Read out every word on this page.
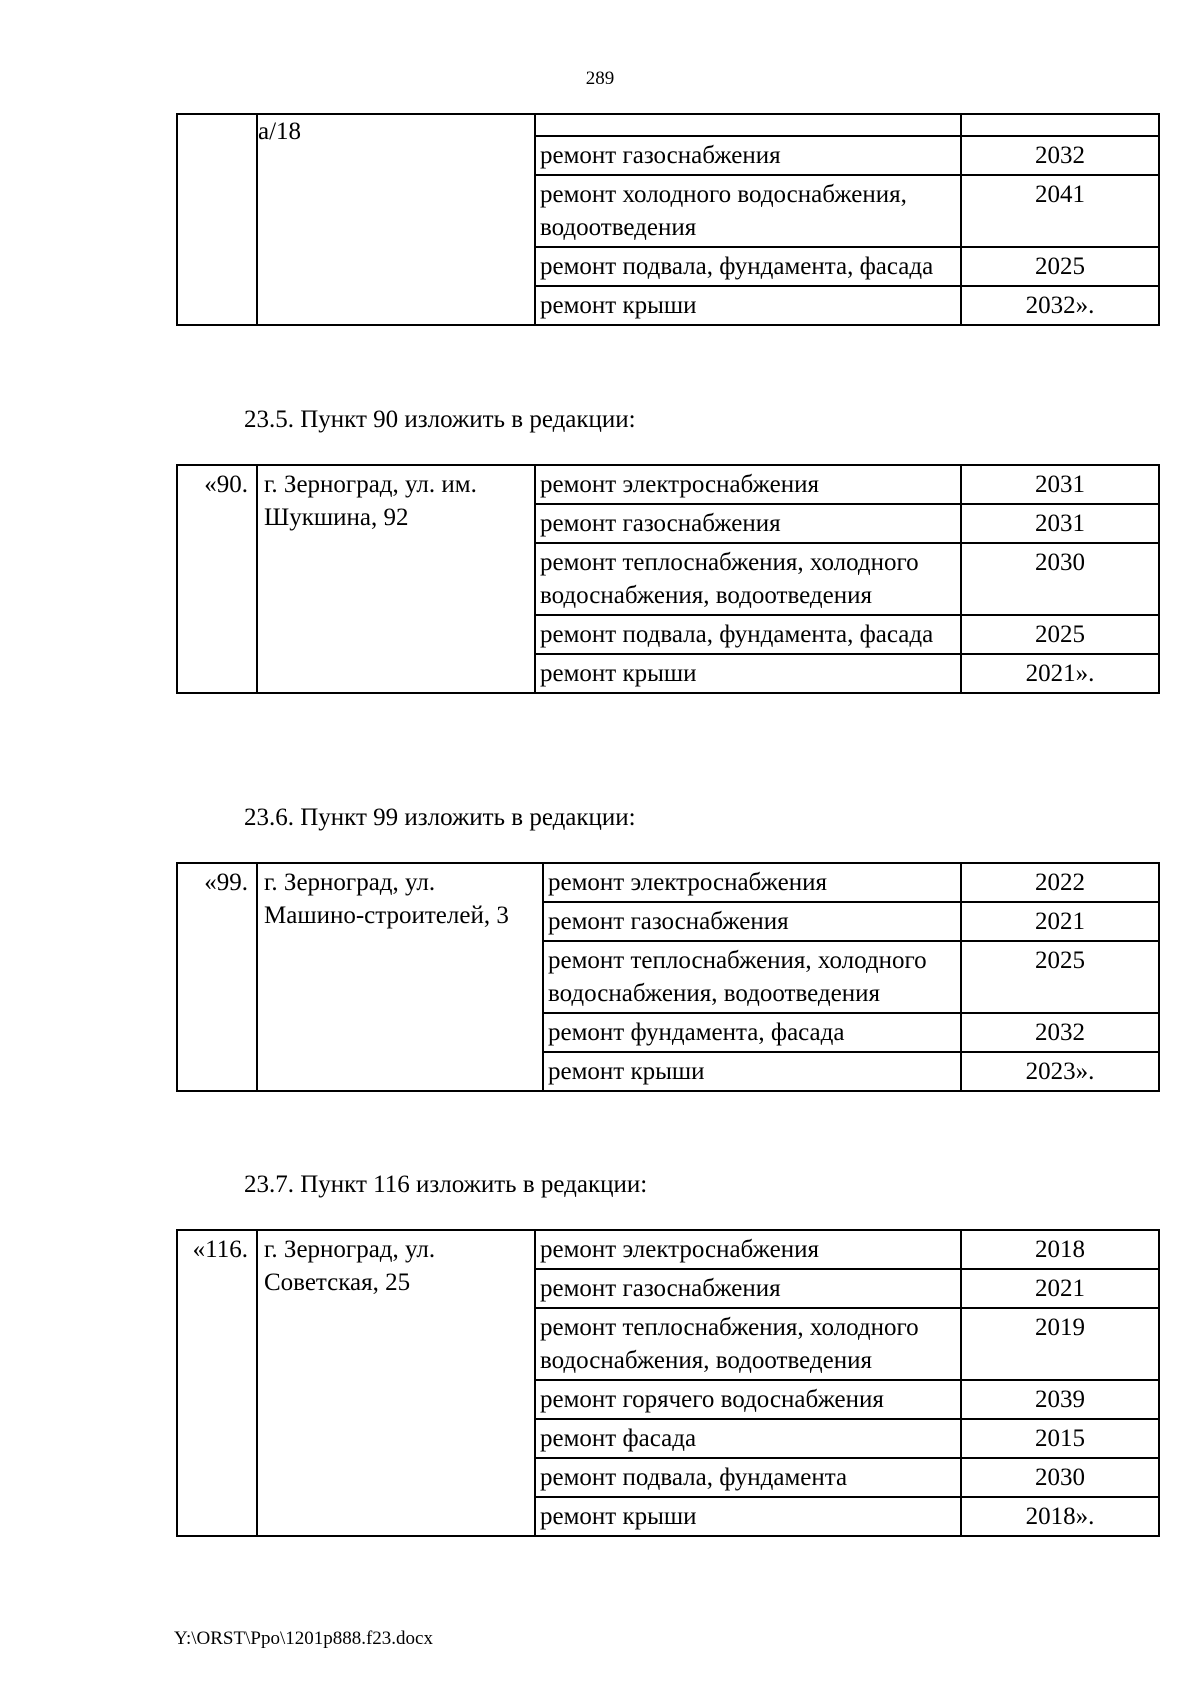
289
	а/18		
		ремонт газоснабжения	2032
		ремонт холодного водоснабжения, водоотведения	2041
		ремонт подвала, фундамента, фасада	2025
		ремонт крыши	2032».
23.5. Пункт 90 изложить в редакции:
«90.	г. Зерноград, ул. им. Шукшина, 92	ремонт электроснабжения	2031
		ремонт газоснабжения	2031
		ремонт теплоснабжения, холодного водоснабжения, водоотведения	2030
		ремонт подвала, фундамента, фасада	2025
		ремонт крыши	2021».
23.6. Пункт 99 изложить в редакции:
«99.	г. Зерноград, ул. Машино-строителей, 3	ремонт электроснабжения	2022
		ремонт газоснабжения	2021
		ремонт теплоснабжения, холодного водоснабжения, водоотведения	2025
		ремонт фундамента, фасада	2032
		ремонт крыши	2023».
23.7. Пункт 116 изложить в редакции:
«116.	г. Зерноград, ул. Советская, 25	ремонт электроснабжения	2018
		ремонт газоснабжения	2021
		ремонт теплоснабжения, холодного водоснабжения, водоотведения	2019
		ремонт горячего водоснабжения	2039
		ремонт фасада	2015
		ремонт подвала, фундамента	2030
		ремонт крыши	2018».
Y:\ORST\Ppo\1201p888.f23.docx
